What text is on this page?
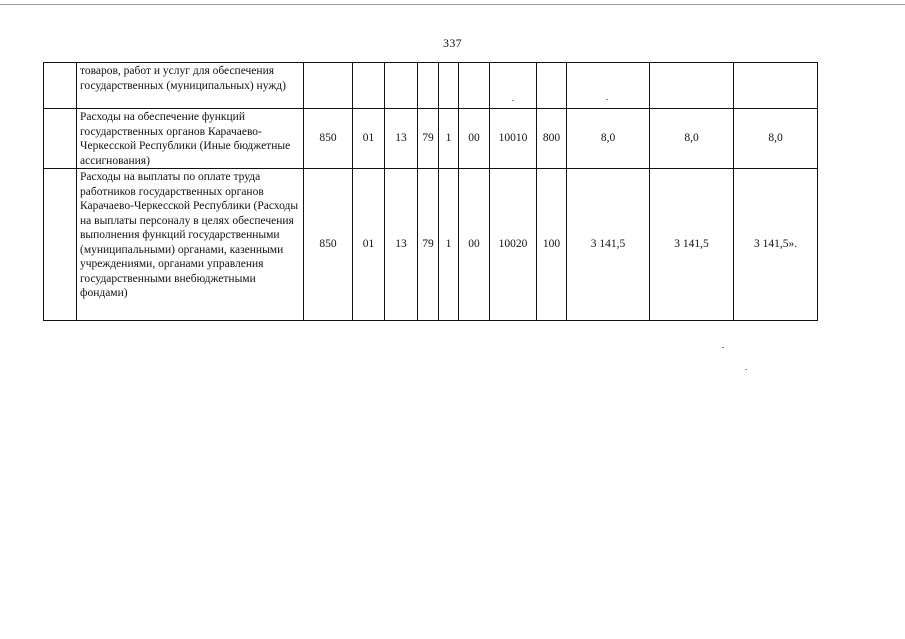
337
	товаров, работ и услуг для обеспечения государственных (муниципальных) нужд)											
	Расходы на обеспечение функций государственных органов Карачаево-Черкесской Республики (Иные бюджетные ассигнования)	850	01	13	79	1	00	10010	800	8,0	8,0	8,0
	Расходы на выплаты по оплате труда работников государственных органов Карачаево-Черкесской Республики (Расходы на выплаты персоналу в целях обеспечения выполнения функций государственными (муниципальными) органами, казенными учреждениями, органами управления государственными внебюджетными фондами)	850	01	13	79	1	00	10020	100	3 141,5	3 141,5	3 141,5».
